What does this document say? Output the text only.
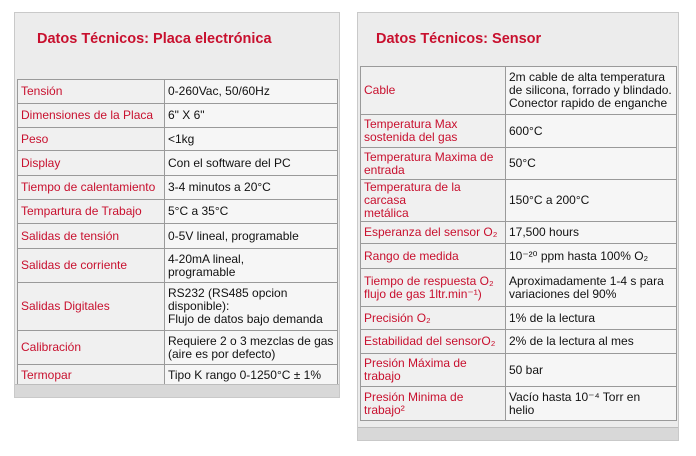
Datos Técnicos: Placa electrónica
Tensión	0-260Vac, 50/60Hz
Dimensiones de la Placa	6" X 6"
Peso	<1kg
Display	Con el software del PC
Tiempo de calentamiento	3-4 minutos a 20°C
Tempartura de Trabajo	5°C a 35°C
Salidas de tensión	0-5V lineal, programable
Salidas de corriente	4-20mA lineal,
programable
Salidas Digitales	RS232 (RS485 opcion disponible):
Flujo de datos bajo demanda
Calibración	Requiere 2 o 3 mezclas de gas
(aire es por defecto)
Termopar	Tipo K rango 0-1250°C ± 1%
Datos Técnicos: Sensor
Cable	2m cable de alta temperatura
de silicona, forrado y blindado.
Conector rapido de enganche
Temperatura Max
sostenida del gas	600°C
Temperatura Maxima de
entrada	50°C
Temperatura de la carcasa
metálica	150°C a 200°C
Esperanza del sensor O₂	17,500 hours
Rango de medida	10⁻²⁰ ppm hasta 100% O₂
Tiempo de respuesta O₂
flujo de gas 1ltr.min⁻¹)	Aproximadamente 1-4 s para
variaciones del 90%
Precisión O₂	1% de la lectura
Estabilidad del sensorO₂	2% de la lectura al mes
Presión Máxima de
trabajo	50 bar
Presión Minima de
trabajo²	Vacío hasta 10⁻⁴ Torr en
helio
